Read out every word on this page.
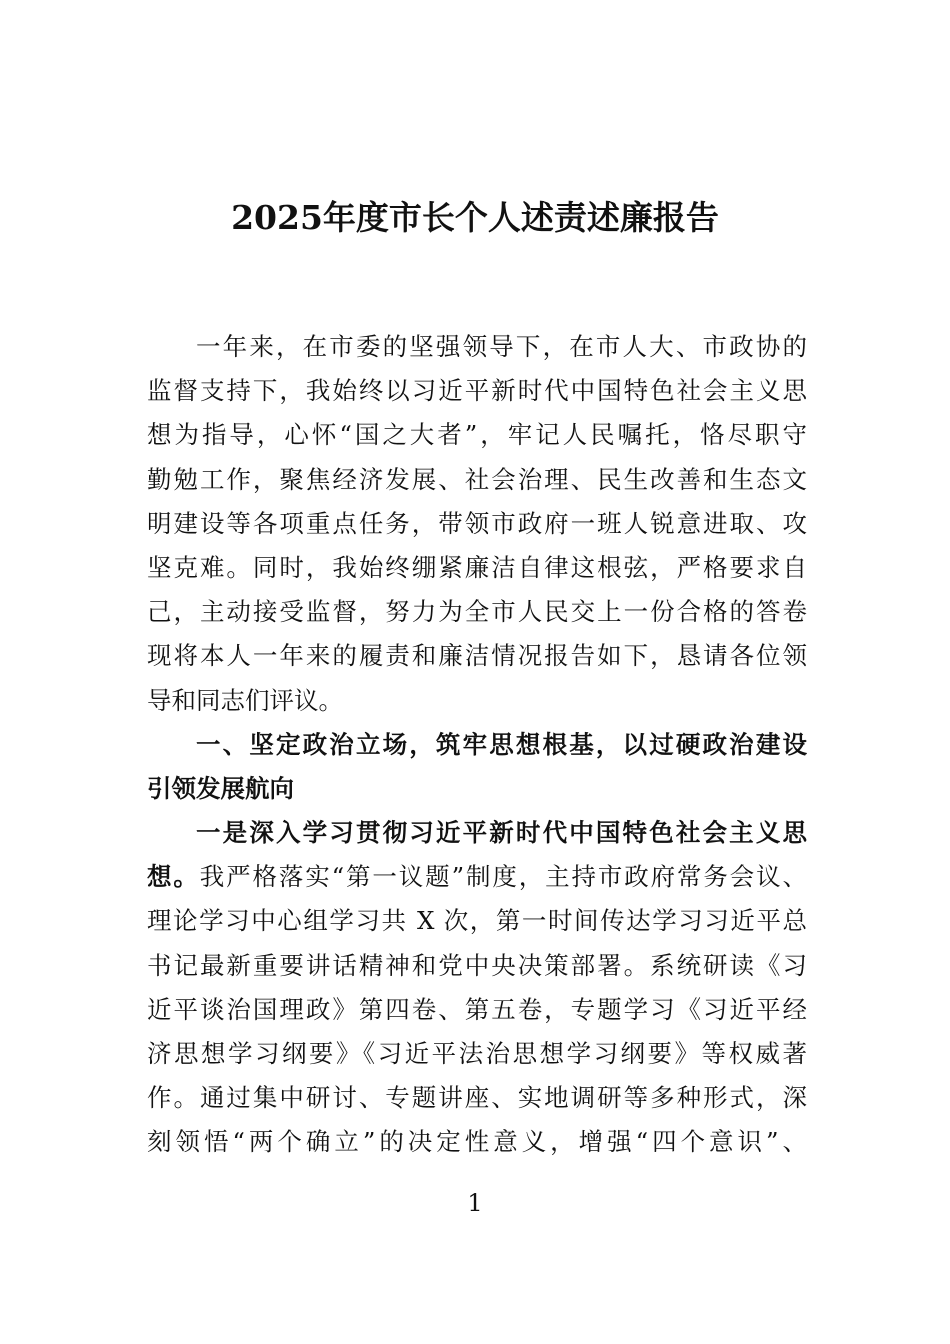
2025年度市长个人述责述廉报告
一年来，在市委的坚强领导下，在市人大、市政协的
监督支持下，我始终以习近平新时代中国特色社会主义思
想为指导，心怀“国之大者”，牢记人民嘱托，恪尽职守
勤勉工作，聚焦经济发展、社会治理、民生改善和生态文
明建设等各项重点任务，带领市政府一班人锐意进取、攻
坚克难。同时，我始终绷紧廉洁自律这根弦，严格要求自
己，主动接受监督，努力为全市人民交上一份合格的答卷
现将本人一年来的履责和廉洁情况报告如下，恳请各位领
导和同志们评议。
一、坚定政治立场，筑牢思想根基，以过硬政治建设
引领发展航向
一是深入学习贯彻习近平新时代中国特色社会主义思
想。我严格落实“第一议题”制度，主持市政府常务会议、
理论学习中心组学习共 X 次，第一时间传达学习习近平总
书记最新重要讲话精神和党中央决策部署。系统研读《习
近平谈治国理政》第四卷、第五卷，专题学习《习近平经
济思想学习纲要》《习近平法治思想学习纲要》等权威著
作。通过集中研讨、专题讲座、实地调研等多种形式，深
刻领悟“两个确立”的决定性意义，增强“四个意识”、
1
